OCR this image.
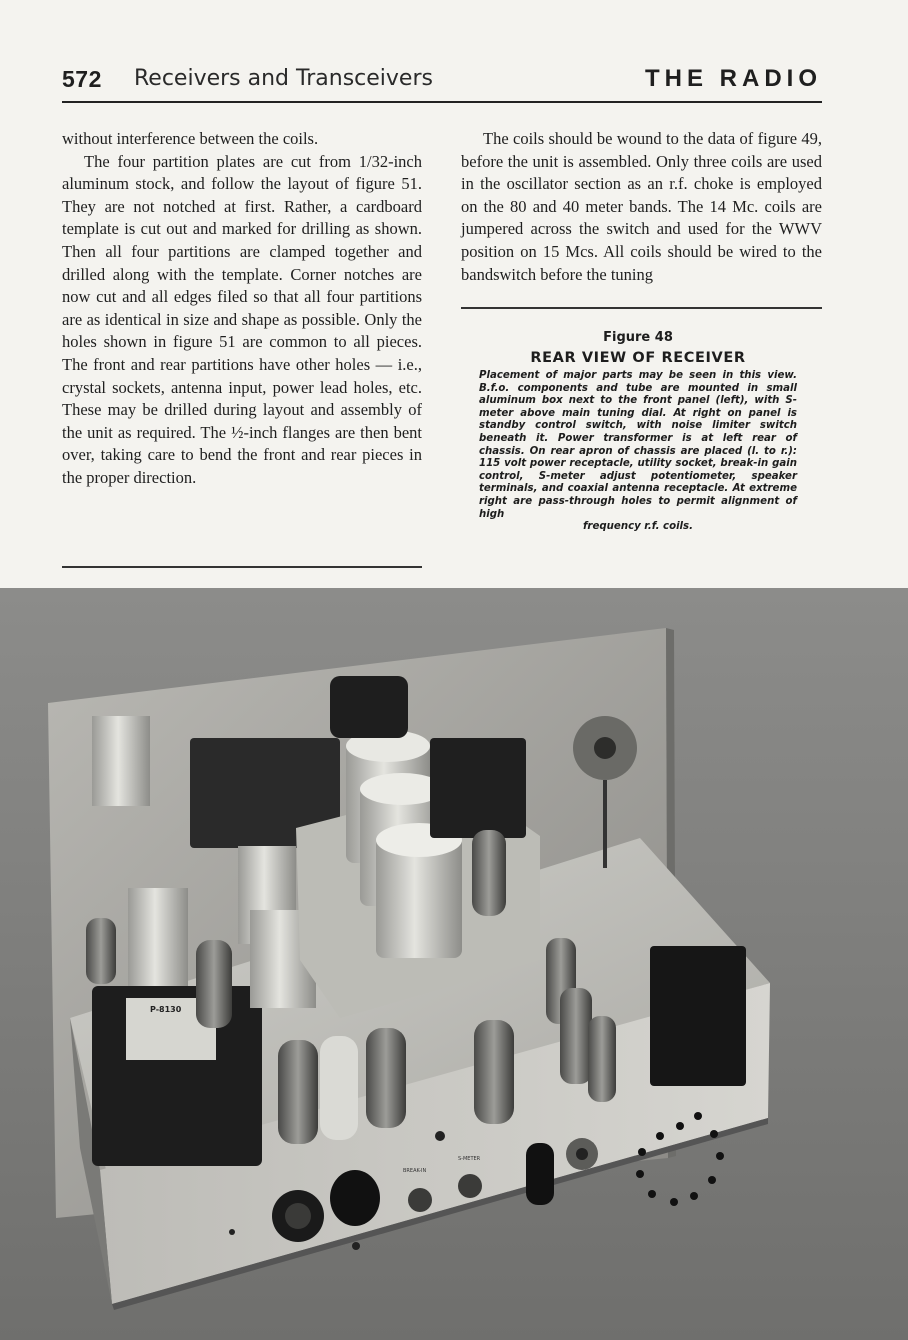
572 Receivers and Transceivers	THE RADIO

without interference between the coils.

The four partition plates are cut from 1/32-inch aluminum stock, and follow the layout of figure 51. They are not notched at first. Rather, a cardboard template is cut out and marked for drilling as shown. Then all four partitions are clamped together and drilled along with the template. Corner notches are now cut and all edges filed so that all four partitions are as identical in size and shape as possible. Only the holes shown in figure 51 are common to all pieces. The front and rear partitions have other holes — i.e., crystal sockets, antenna input, power lead holes, etc. These may be drilled during layout and assembly of the unit as required. The ½-inch flanges are then bent over, taking care to bend the front and rear pieces in the proper direction.

The coils should be wound to the data of figure 49, before the unit is assembled. Only three coils are used in the oscillator section as an r.f. choke is employed on the 80 and 40 meter bands. The 14 Mc. coils are jumpered across the switch and used for the WWV position on 15 Mcs. All coils should be wired to the bandswitch before the tuning

Figure 48
REAR VIEW OF RECEIVER
Placement of major parts may be seen in this view. B.f.o. components and tube are mounted in small aluminum box next to the front panel (left), with S-meter above main tuning dial. At right on panel is standby control switch, with noise limiter switch beneath it. Power transformer is at left rear of chassis. On rear apron of chassis are placed (l. to r.): 115 volt power receptacle, utility socket, break-in gain control, S-meter adjust potentiometer, speaker terminals, and coaxial antenna receptacle. At extreme right are pass-through holes to permit alignment of high
frequency r.f. coils.
P-8130
BREAK-IN
S-METER
